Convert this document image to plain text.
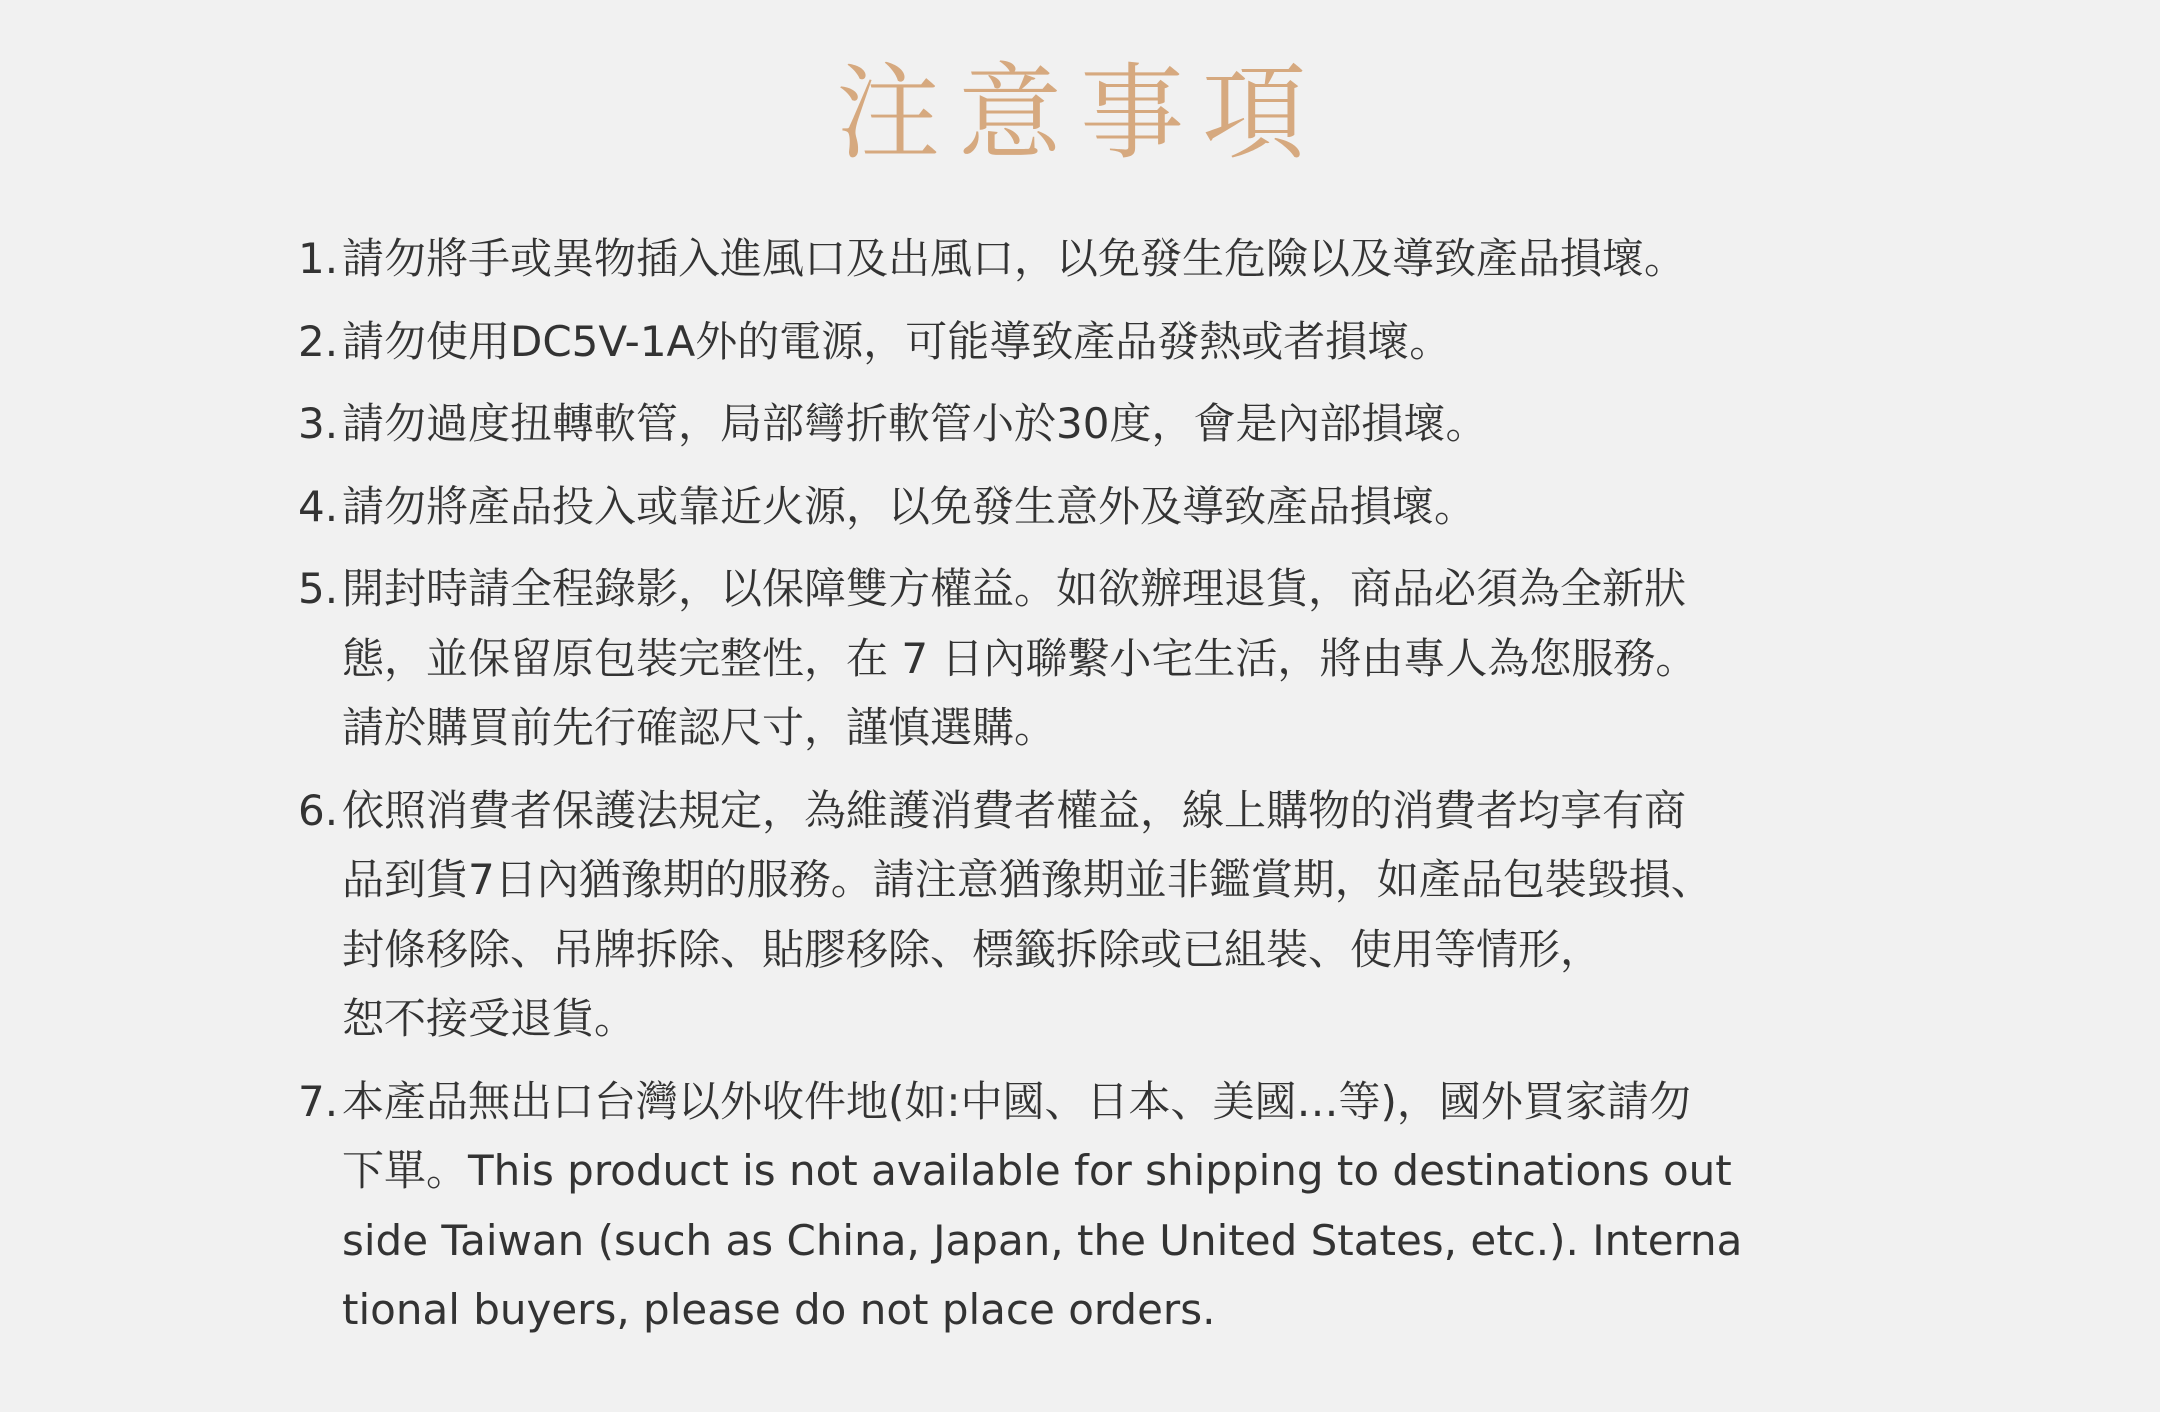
注意事項
1. 請勿將手或異物插入進風口及出風口，以免發生危險以及導致產品損壞。
2. 請勿使用DC5V-1A外的電源，可能導致產品發熱或者損壞。
3. 請勿過度扭轉軟管，局部彎折軟管小於30度，會是內部損壞。
4. 請勿將產品投入或靠近火源，以免發生意外及導致產品損壞。
5. 開封時請全程錄影，以保障雙方權益。如欲辦理退貨，商品必須為全新狀
態，並保留原包裝完整性，在 7 日內聯繫小宅生活，將由專人為您服務。
請於購買前先行確認尺寸，謹慎選購。
6. 依照消費者保護法規定，為維護消費者權益，線上購物的消費者均享有商
品到貨7日內猶豫期的服務。請注意猶豫期並非鑑賞期，如產品包裝毀損、
封條移除、吊牌拆除、貼膠移除、標籤拆除或已組裝、使用等情形，
恕不接受退貨。
7. 本產品無出口台灣以外收件地(如:中國、日本、美國…等)，國外買家請勿
下單。This product is not available for shipping to destinations out
side Taiwan (such as China, Japan, the United States, etc.). Interna
tional buyers, please do not place orders.
